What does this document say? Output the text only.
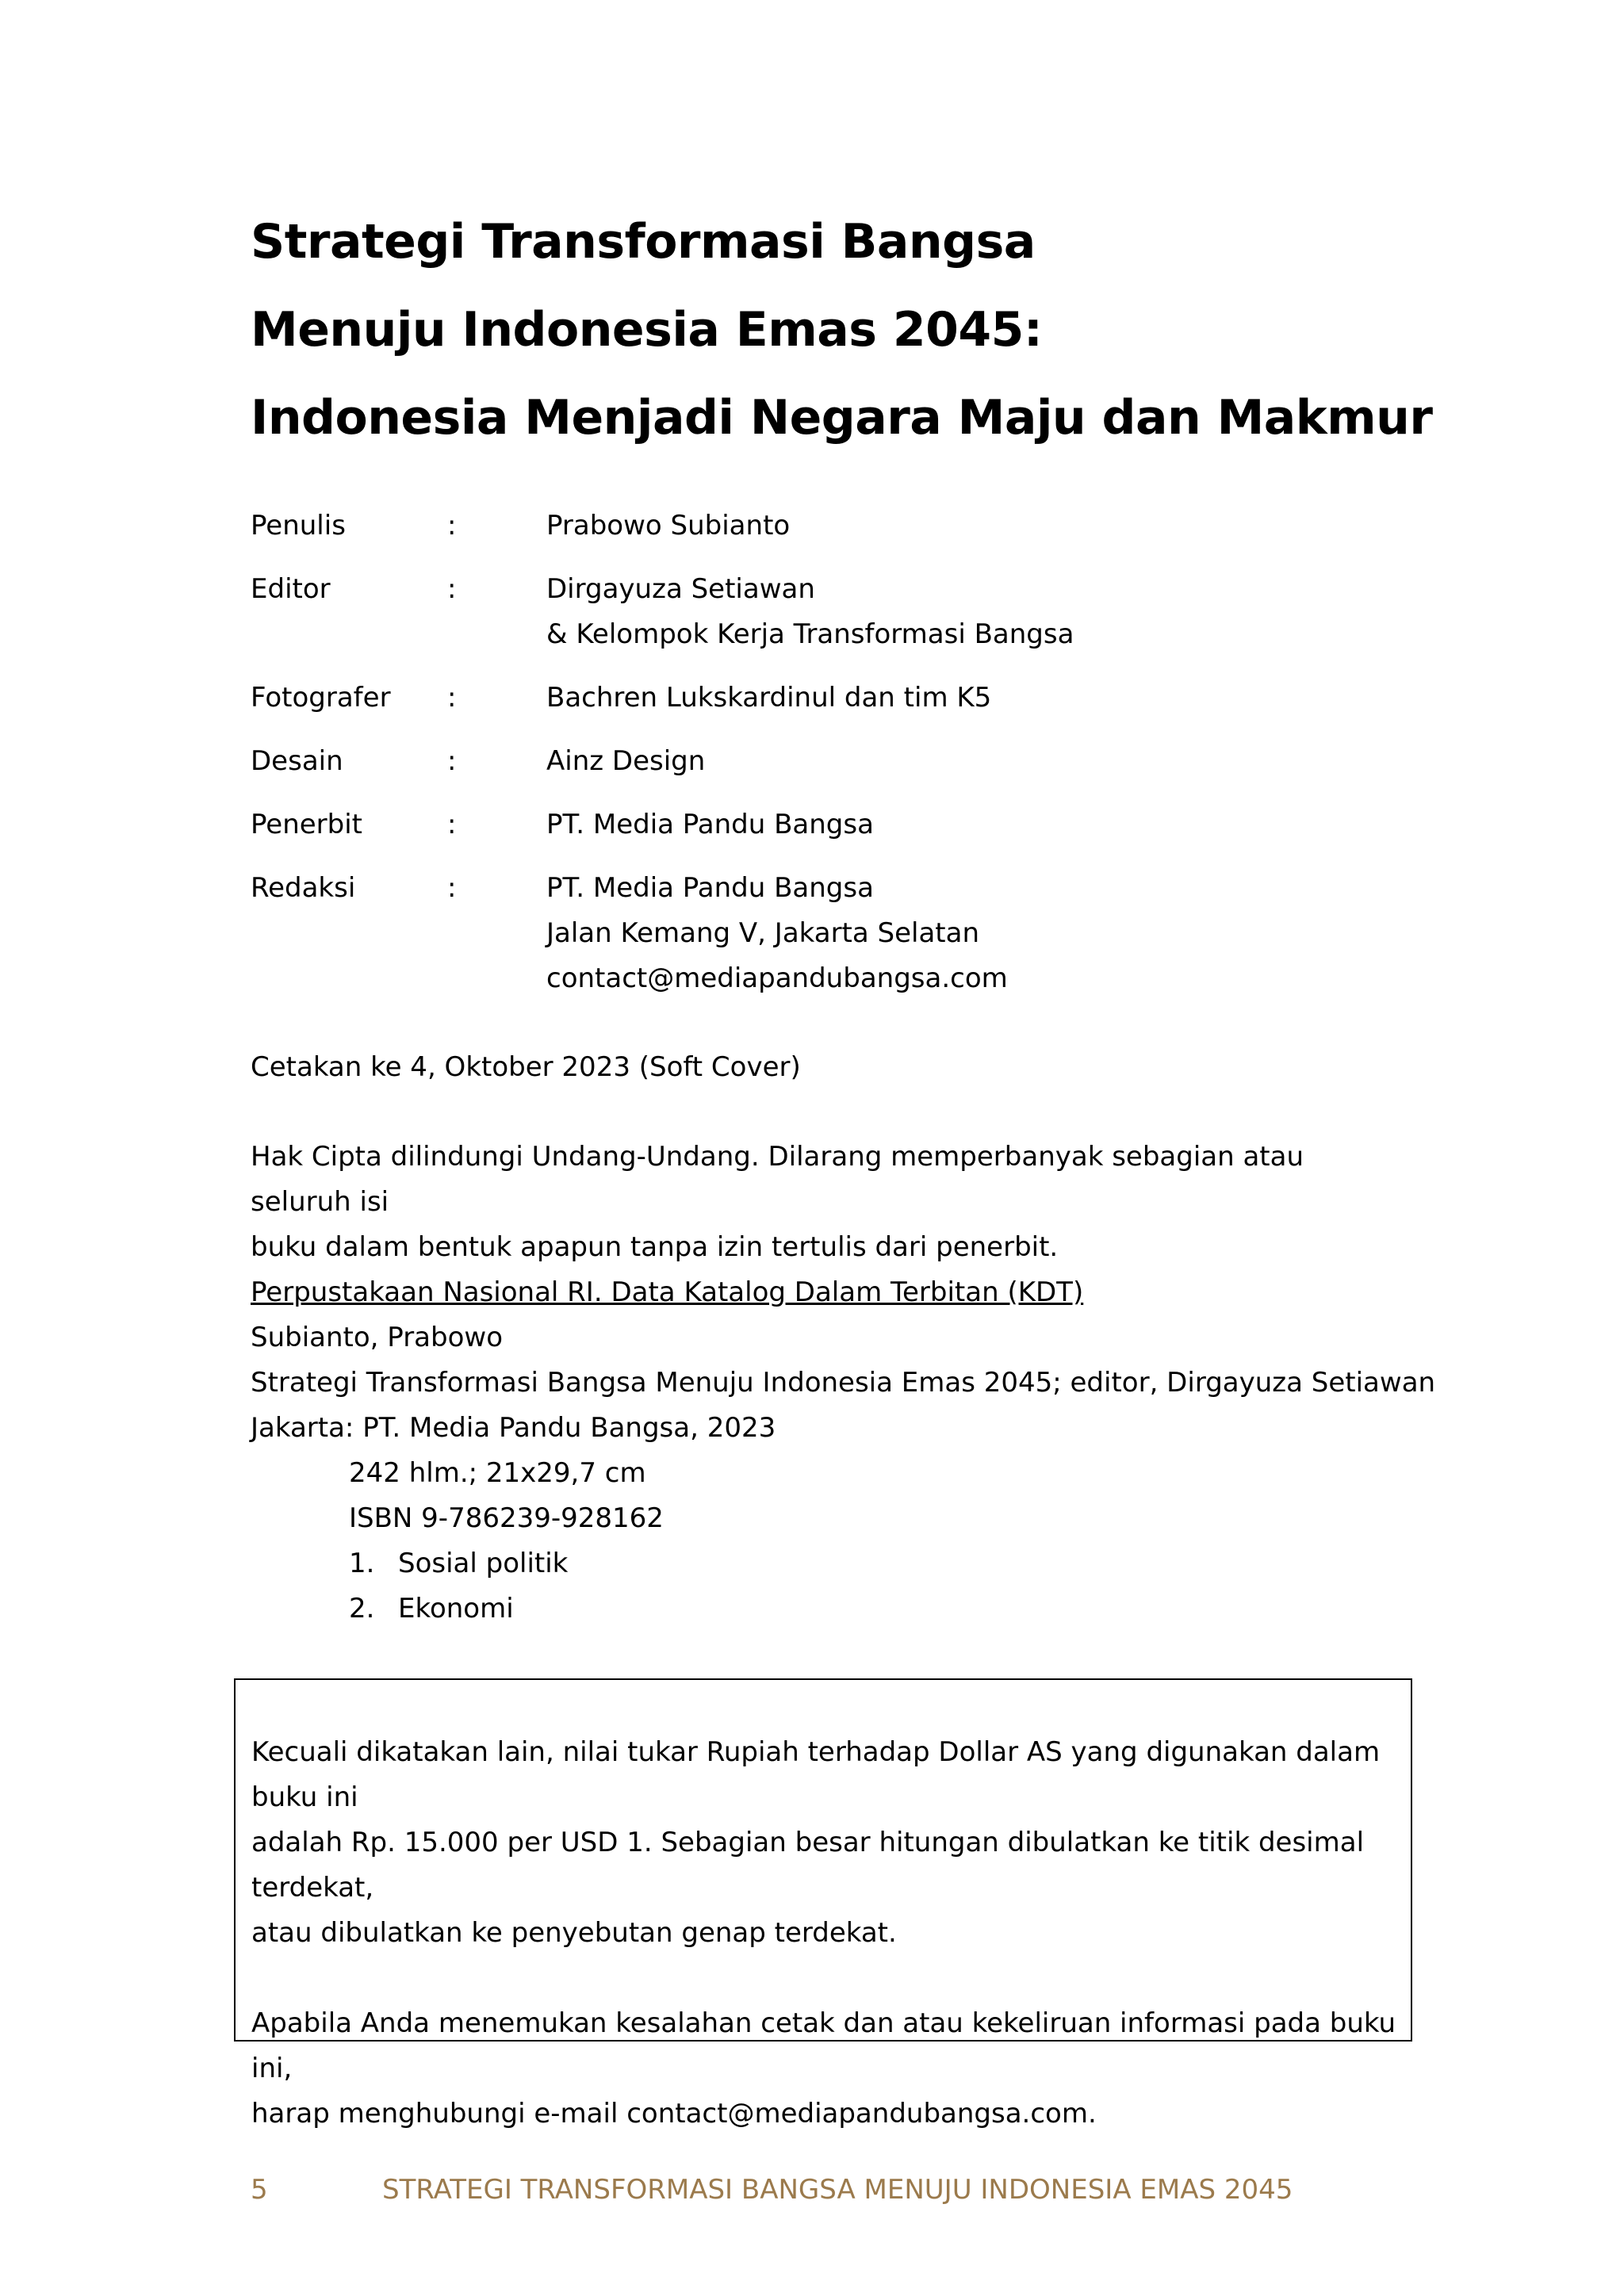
Strategi Transformasi Bangsa
Menuju Indonesia Emas 2045:
Indonesia Menjadi Negara Maju dan Makmur
Penulis	:	Prabowo Subianto
Editor	:	Dirgayuza Setiawan
& Kelompok Kerja Transformasi Bangsa
Fotografer :	Bachren Lukskardinul dan tim K5
Desain	:	Ainz Design
Penerbit	:	PT. Media Pandu Bangsa
Redaksi	:	PT. Media Pandu Bangsa
Jalan Kemang V, Jakarta Selatan
contact@mediapandubangsa.com
Cetakan ke 4, Oktober 2023 (Soft Cover)
Hak Cipta dilindungi Undang-Undang. Dilarang memperbanyak sebagian atau seluruh isi
buku dalam bentuk apapun tanpa izin tertulis dari penerbit.
Perpustakaan Nasional RI. Data Katalog Dalam Terbitan (KDT)
Subianto, Prabowo
Strategi Transformasi Bangsa Menuju Indonesia Emas 2045; editor, Dirgayuza Setiawan
Jakarta: PT. Media Pandu Bangsa, 2023
242 hlm.; 21x29,7 cm
ISBN 9-786239-928162
1. Sosial politik
2. Ekonomi

Kecuali dikatakan lain, nilai tukar Rupiah terhadap Dollar AS yang digunakan dalam buku ini
adalah Rp. 15.000 per USD 1. Sebagian besar hitungan dibulatkan ke titik desimal terdekat,
atau dibulatkan ke penyebutan genap terdekat.

Apabila Anda menemukan kesalahan cetak dan atau kekeliruan informasi pada buku ini,
harap menghubungi e-mail contact@mediapandubangsa.com.

5	STRATEGI TRANSFORMASI BANGSA MENUJU INDONESIA EMAS 2045
